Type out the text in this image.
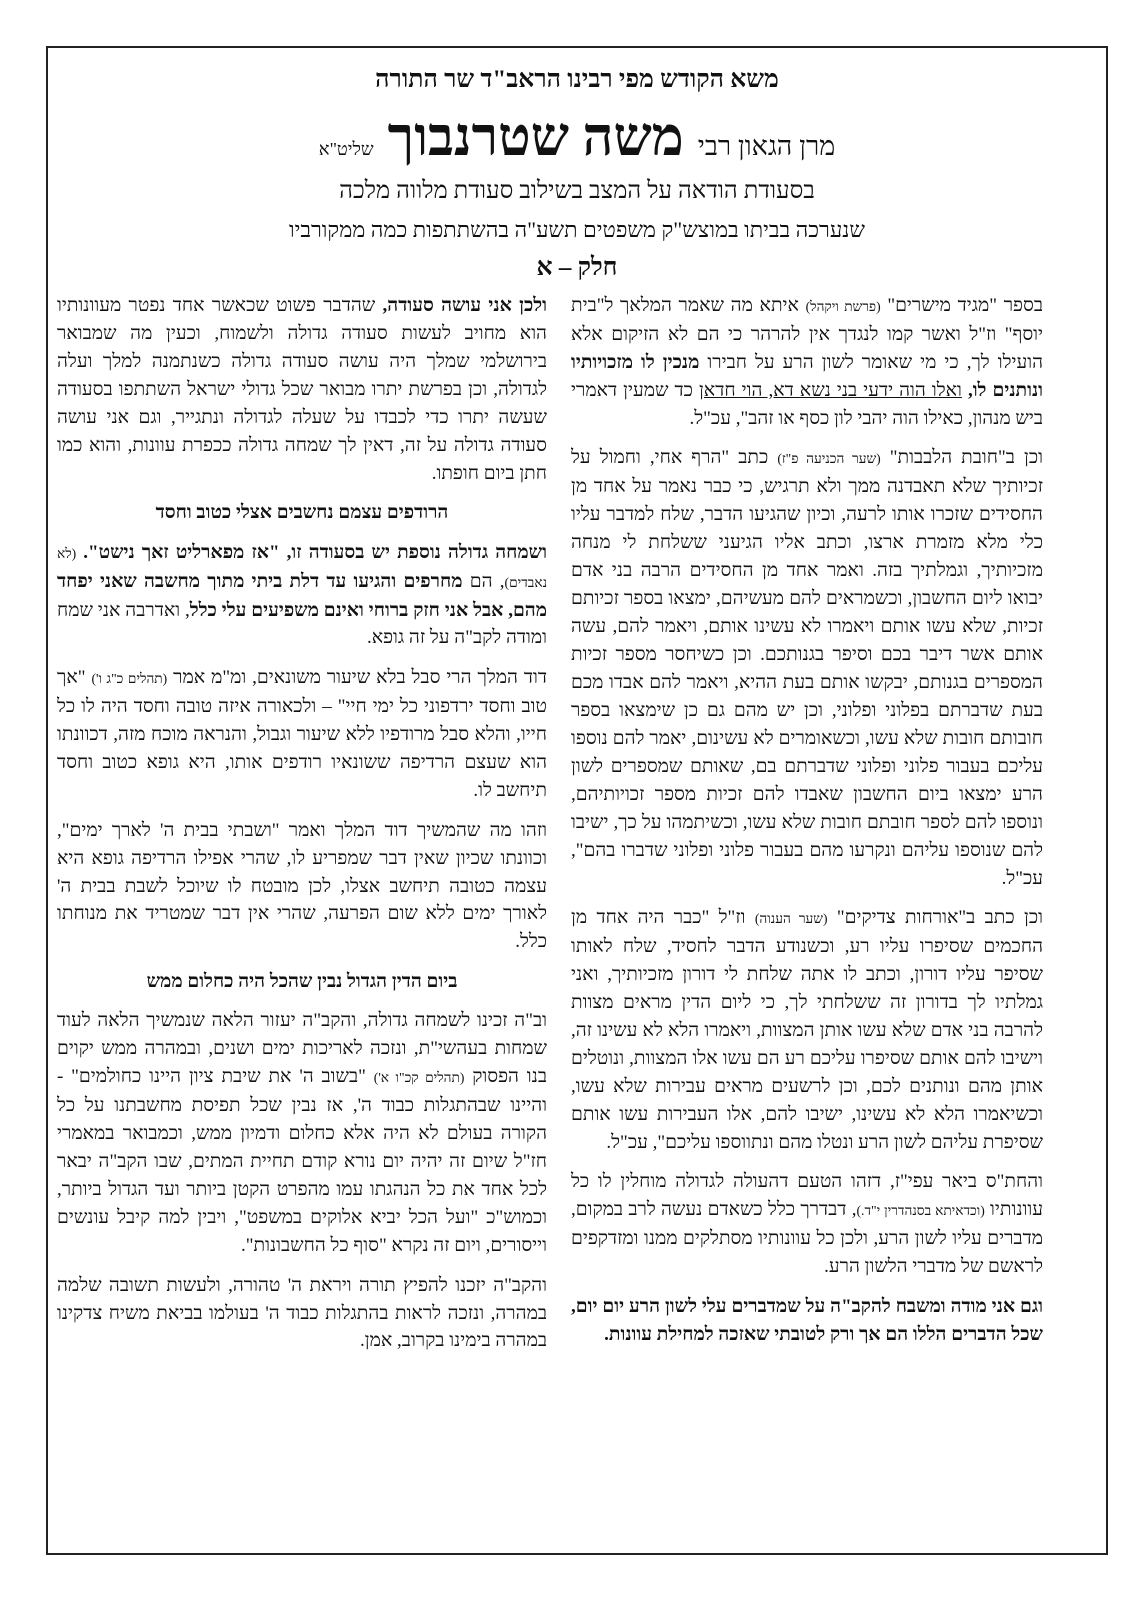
משא הקודש מפי רבינו הראב"ד שר התורה
מרן הגאון רבי משה שטרנבוך שליט"א
בסעודת הודאה על המצב בשילוב סעודת מלווה מלכה
שנערכה בביתו במוצש"ק משפטים תשע"ה בהשתתפות כמה ממקורביו
חלק – א

בספר "מגיד מישרים" (פרשת ויקהל) איתא מה שאמר המלאך ל"בית יוסף" וז"ל ואשר קמו לנגדך אין להרהר כי הם לא הזיקום אלא הועילו לך, כי מי שאומר לשון הרע על חבירו מנכין לו מזכויותיו ונותנים לו, ואלו הוה ידעי בני נשא דא, הוי חדאן כד שמעין דאמרי ביש מנהון, כאילו הוה יהבי לון כסף או זהב", עכ"ל.

וכן ב"חובת הלבבות" (שער הכניעה פ"ז) כתב "הרף אחי, וחמול על זכיותיך שלא תאבדנה ממך ולא תרגיש, כי כבר נאמר על אחד מן החסידים שזכרו אותו לרעה, וכיון שהגיעו הדבר, שלח למדבר עליו כלי מלא מזמרת ארצו, וכתב אליו הגיעני ששלחת לי מנחה מזכיותיך, וגמלתיך בזה. ואמר אחד מן החסידים הרבה בני אדם יבואו ליום החשבון, וכשמראים להם מעשיהם, ימצאו בספר זכיותם זכיות, שלא עשו אותם ויאמרו לא עשינו אותם, ויאמר להם, עשה אותם אשר דיבר בכם וסיפר בגנותכם. וכן כשיחסר מספר זכיות המספרים בגנותם, יבקשו אותם בעת ההיא, ויאמר להם אבדו מכם בעת שדברתם בפלוני ופלוני, וכן יש מהם גם כן שימצאו בספר חובותם חובות שלא עשו, וכשאומרים לא עשינום, יאמר להם נוספו עליכם בעבור פלוני ופלוני שדברתם בם, שאותם שמספרים לשון הרע ימצאו ביום החשבון שאבדו להם זכיות מספר זכויותיהם, ונוספו להם לספר חובתם חובות שלא עשו, וכשיתמהו על כך, ישיבו להם שנוספו עליהם ונקרעו מהם בעבור פלוני ופלוני שדברו בהם", עכ"ל.

וכן כתב ב"אורחות צדיקים" (שער הענוה) וז"ל "כבר היה אחד מן החכמים שסיפרו עליו רע, וכשנודע הדבר לחסיד, שלח לאותו שסיפר עליו דורון, וכתב לו אתה שלחת לי דורון מזכיותיך, ואני גמלתיו לך בדורון זה ששלחתי לך, כי ליום הדין מראים מצוות להרבה בני אדם שלא עשו אותן המצוות, ויאמרו הלא לא עשינו זה, וישיבו להם אותם שסיפרו עליכם רע הם עשו אלו המצוות, ונוטלים אותן מהם ונותנים לכם, וכן לרשעים מראים עבירות שלא עשו, וכשיאמרו הלא לא עשינו, ישיבו להם, אלו העבירות עשו אותם שסיפרת עליהם לשון הרע ונטלו מהם ונתווספו עליכם", עכ"ל.

והחת"ס ביאר עפי"ז, דזהו הטעם דהעולה לגדולה מוחלין לו כל עוונותיו (וכדאיתא בסנהדרין י"ד.), דבדרך כלל כשאדם נעשה לרב במקום, מדברים עליו לשון הרע, ולכן כל עוונותיו מסתלקים ממנו ומזדקפים לראשם של מדברי הלשון הרע.

וגם אני מודה ומשבח להקב"ה על שמדברים עלי לשון הרע יום יום, שכל הדברים הללו הם אך ורק לטובתי שאזכה למחילת עוונות.

ולכן אני עושה סעודה, שהדבר פשוט שכאשר אחד נפטר מעוונותיו הוא מחויב לעשות סעודה גדולה ולשמוח, וכעין מה שמבואר בירושלמי שמלך היה עושה סעודה גדולה כשנתמנה למלך ועלה לגדולה, וכן בפרשת יתרו מבואר שכל גדולי ישראל השתתפו בסעודה שעשה יתרו כדי לכבדו על שעלה לגדולה ונתגייר, וגם אני עושה סעודה גדולה על זה, דאין לך שמחה גדולה ככפרת עוונות, והוא כמו חתן ביום חופתו.

הרודפים עצמם נחשבים אצלי כטוב וחסד

ושמחה גדולה נוספת יש בסעודה זו, "אז מפארליט זאך נישט". (לא נאבדים), הם מחרפים והגיעו עד דלת ביתי מתוך מחשבה שאני יפחד מהם, אבל אני חזק ברוחי ואינם משפיעים עלי כלל, ואדרבה אני שמח ומודה לקב"ה על זה גופא.

דוד המלך הרי סבל בלא שיעור משונאים, ומ"מ אמר (תהלים כ"ג ו') "אך טוב וחסד ירדפוני כל ימי חיי" – ולכאורה איזה טובה וחסד היה לו כל חייו, והלא סבל מרודפיו ללא שיעור וגבול, והנראה מוכח מזה, דכוונתו הוא שעצם הרדיפה ששונאיו רודפים אותו, היא גופא כטוב וחסד תיחשב לו.

וזהו מה שהמשיך דוד המלך ואמר "ושבתי בבית ה' לארך ימים", וכוונתו שכיון שאין דבר שמפריע לו, שהרי אפילו הרדיפה גופא היא עצמה כטובה תיחשב אצלו, לכן מובטח לו שיוכל לשבת בבית ה' לאורך ימים ללא שום הפרעה, שהרי אין דבר שמטריד את מנוחתו כלל.

ביום הדין הגדול נבין שהכל היה כחלום ממש

וב"ה זכינו לשמחה גדולה, והקב"ה יעזור הלאה שנמשיך הלאה לעוד שמחות בעהשי"ת, ונזכה לאריכות ימים ושנים, ובמהרה ממש יקוים בנו הפסוק (תהלים קכ"ו א') "בשוב ה' את שיבת ציון היינו כחולמים" - והיינו שבהתגלות כבוד ה', אז נבין שכל תפיסת מחשבתנו על כל הקורה בעולם לא היה אלא כחלום ודמיון ממש, וכמבואר במאמרי חז"ל שיום זה יהיה יום נורא קודם תחיית המתים, שבו הקב"ה יבאר לכל אחד את כל הנהגתו עמו מהפרט הקטן ביותר ועד הגדול ביותר, וכמוש"כ "ועל הכל יביא אלוקים במשפט", ויבין למה קיבל עונשים וייסורים, ויום זה נקרא "סוף כל החשבונות".

והקב"ה יזכנו להפיץ תורה ויראת ה' טהורה, ולעשות תשובה שלמה במהרה, ונזכה לראות בהתגלות כבוד ה' בעולמו בביאת משיח צדקינו במהרה בימינו בקרוב, אמן.
